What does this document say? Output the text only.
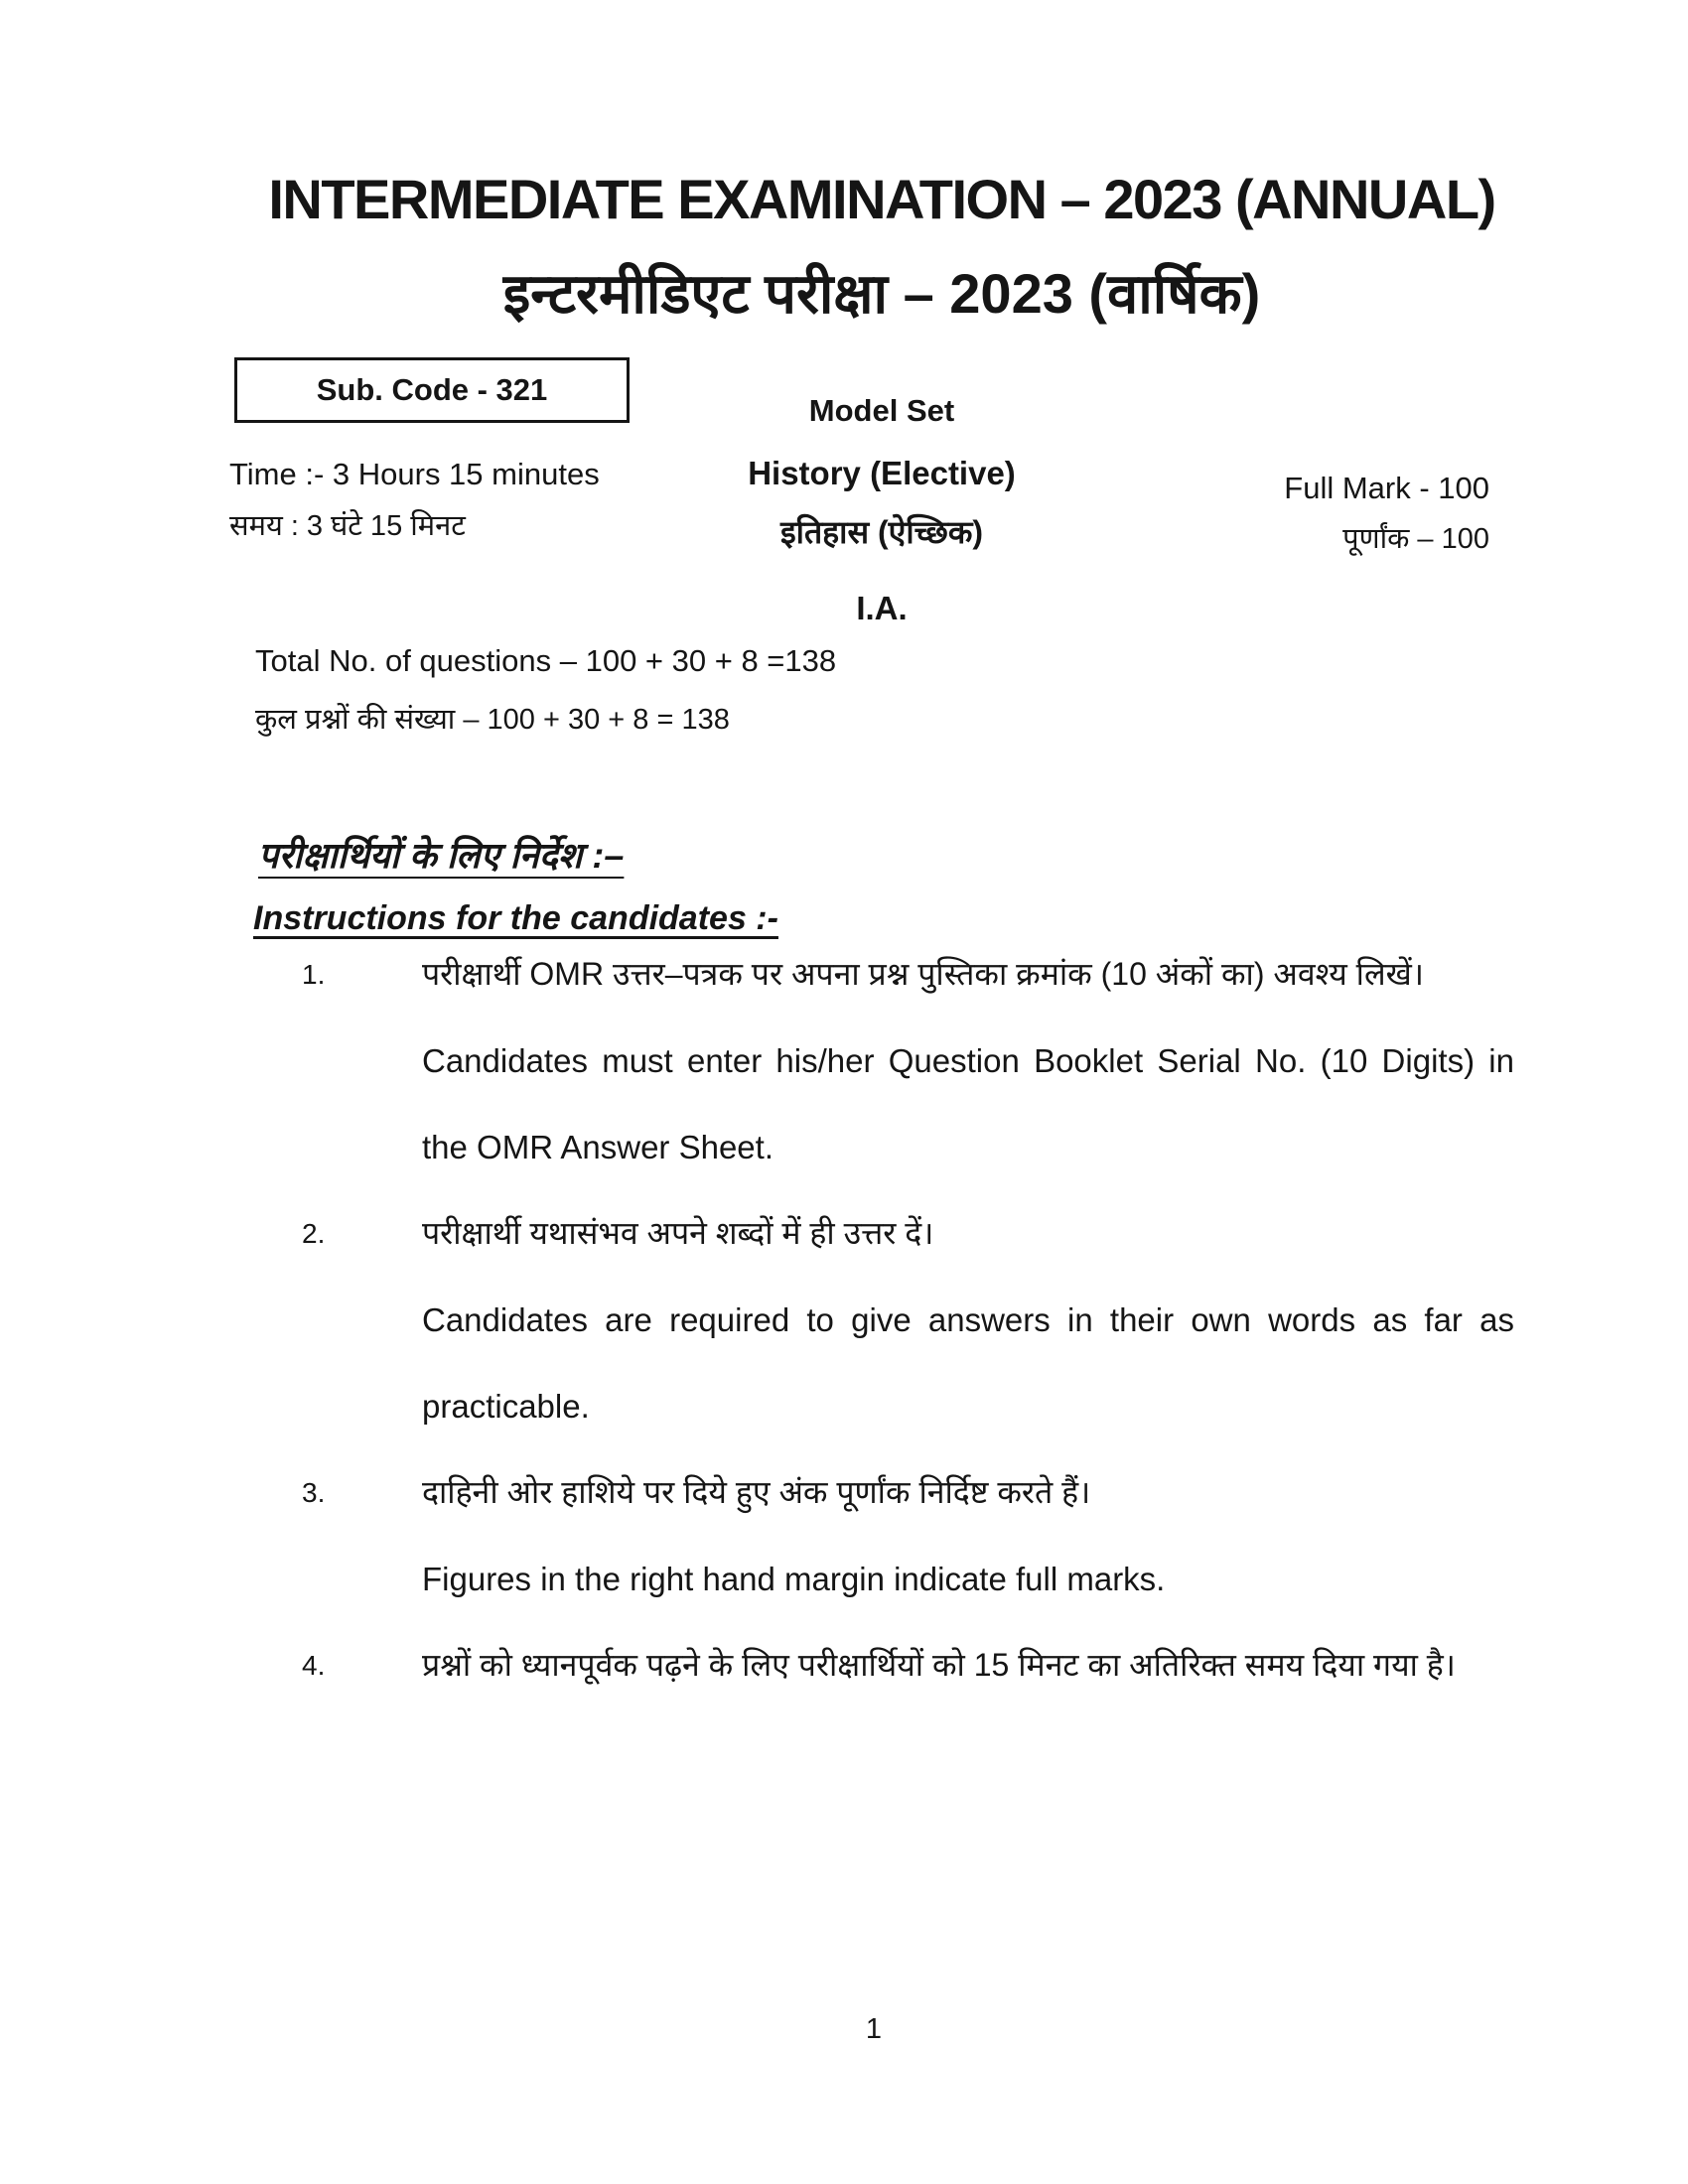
INTERMEDIATE EXAMINATION – 2023 (ANNUAL)
इन्टरमीडिएट परीक्षा – 2023 (वार्षिक)
Sub. Code - 321
Model Set
Time :- 3 Hours 15 minutes
समय : 3 घंटे 15 मिनट
History (Elective)
इतिहास (ऐच्छिक)
Full Mark - 100
पूर्णांक – 100
I.A.
Total No. of questions – 100 + 30 + 8 =138
कुल प्रश्नों की संख्या – 100 + 30 + 8 = 138
परीक्षार्थियों के लिए निर्देश :–
Instructions for the candidates :-
1.	परीक्षार्थी OMR उत्तर–पत्रक पर अपना प्रश्न पुस्तिका क्रमांक (10 अंकों का) अवश्य लिखें।

Candidates must enter his/her Question Booklet Serial No. (10 Digits) in the OMR Answer Sheet.

2.	परीक्षार्थी यथासंभव अपने शब्दों में ही उत्तर दें।

Candidates are required to give answers in their own words as far as practicable.

3.	दाहिनी ओर हाशिये पर दिये हुए अंक पूर्णांक निर्दिष्ट करते हैं।

Figures in the right hand margin indicate full marks.

4.	प्रश्नों को ध्यानपूर्वक पढ़ने के लिए परीक्षार्थियों को 15 मिनट का अतिरिक्त समय दिया गया है।

1
